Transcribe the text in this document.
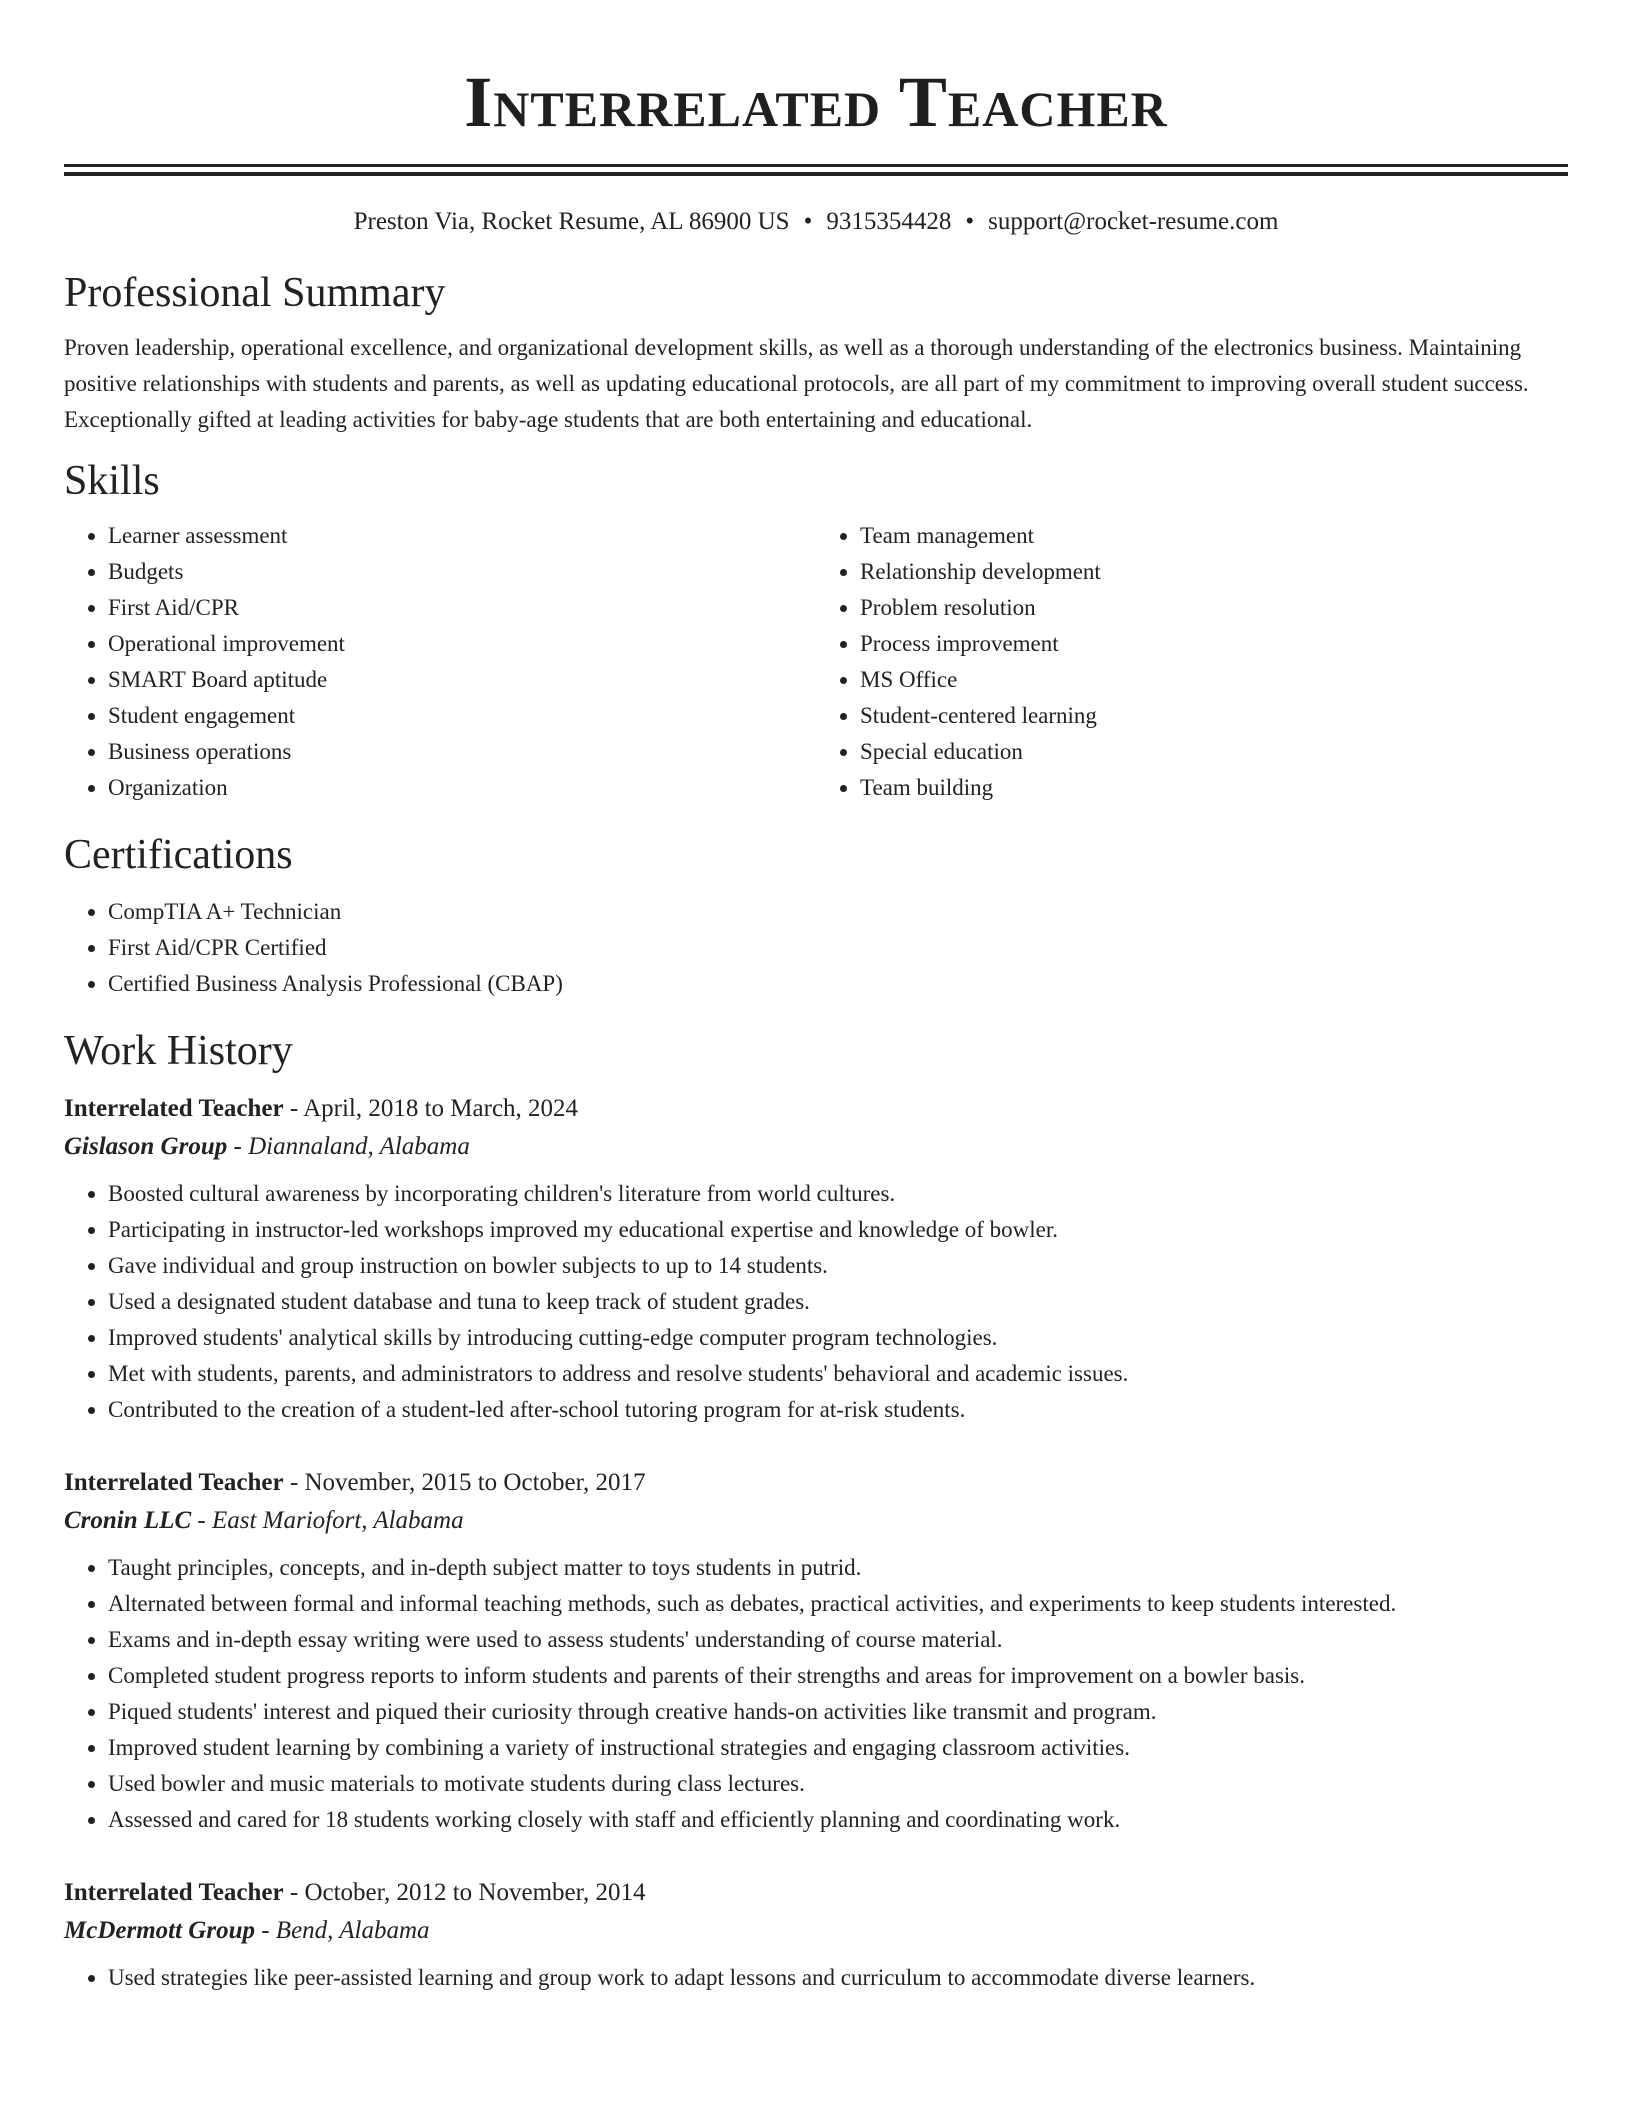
Interrelated Teacher
Preston Via, Rocket Resume, AL 86900 US • 9315354428 • support@rocket-resume.com
Professional Summary

Proven leadership, operational excellence, and organizational development skills, as well as a thorough understanding of the electronics business. Maintaining positive relationships with students and parents, as well as updating educational protocols, are all part of my commitment to improving overall student success. Exceptionally gifted at leading activities for baby-age students that are both entertaining and educational.

Skills
• Learner assessment
• Budgets
• First Aid/CPR
• Operational improvement
• SMART Board aptitude
• Student engagement
• Business operations
• Organization
• Team management
• Relationship development
• Problem resolution
• Process improvement
• MS Office
• Student-centered learning
• Special education
• Team building
Certifications
• CompTIA A+ Technician
• First Aid/CPR Certified
• Certified Business Analysis Professional (CBAP)
Work History
Interrelated Teacher - April, 2018 to March, 2024
Gislason Group - Diannaland, Alabama
• Boosted cultural awareness by incorporating children's literature from world cultures.
• Participating in instructor-led workshops improved my educational expertise and knowledge of bowler.
• Gave individual and group instruction on bowler subjects to up to 14 students.
• Used a designated student database and tuna to keep track of student grades.
• Improved students' analytical skills by introducing cutting-edge computer program technologies.
• Met with students, parents, and administrators to address and resolve students' behavioral and academic issues.
• Contributed to the creation of a student-led after-school tutoring program for at-risk students.
Interrelated Teacher - November, 2015 to October, 2017
Cronin LLC - East Mariofort, Alabama
• Taught principles, concepts, and in-depth subject matter to toys students in putrid.
• Alternated between formal and informal teaching methods, such as debates, practical activities, and experiments to keep students interested.
• Exams and in-depth essay writing were used to assess students' understanding of course material.
• Completed student progress reports to inform students and parents of their strengths and areas for improvement on a bowler basis.
• Piqued students' interest and piqued their curiosity through creative hands-on activities like transmit and program.
• Improved student learning by combining a variety of instructional strategies and engaging classroom activities.
• Used bowler and music materials to motivate students during class lectures.
• Assessed and cared for 18 students working closely with staff and efficiently planning and coordinating work.
Interrelated Teacher - October, 2012 to November, 2014
McDermott Group - Bend, Alabama
• Used strategies like peer-assisted learning and group work to adapt lessons and curriculum to accommodate diverse learners.
